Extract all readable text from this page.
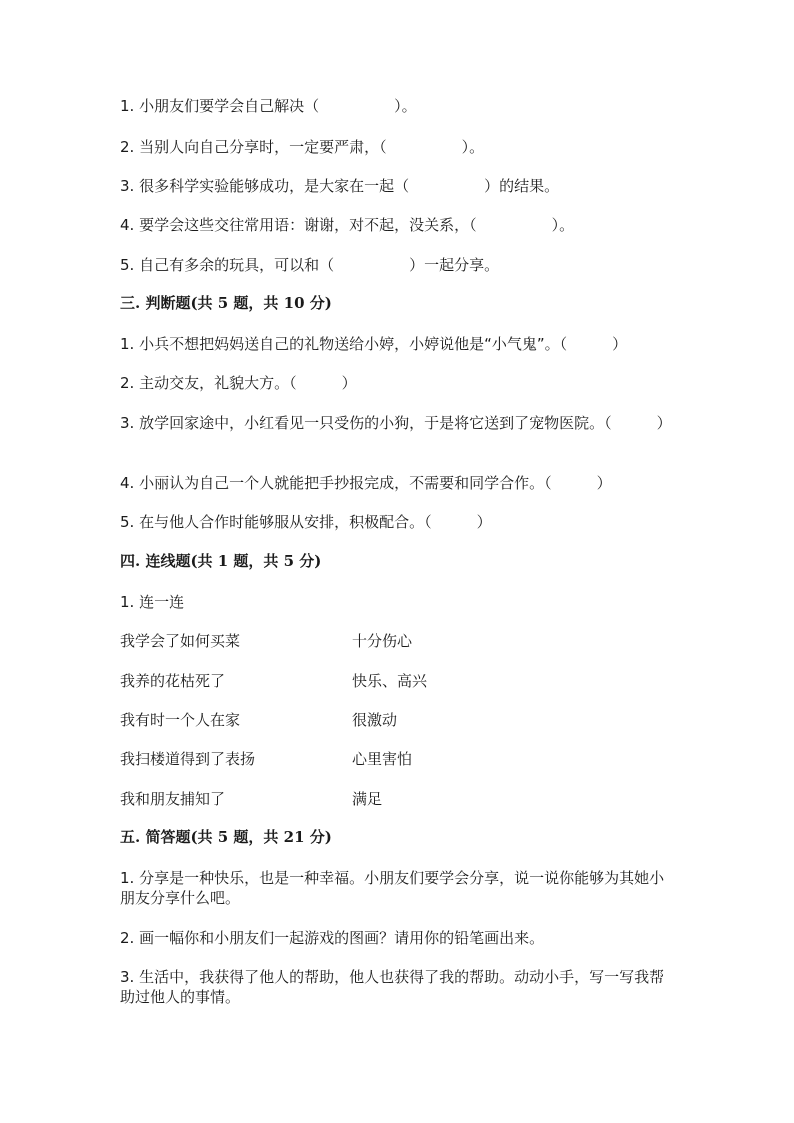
1. 小朋友们要学会自己解决（　　　　　）。

2. 当别人向自己分享时，一定要严肃，（　　　　　）。

3. 很多科学实验能够成功，是大家在一起（　　　　　）的结果。

4. 要学会这些交往常用语：谢谢，对不起，没关系，（　　　　　）。

5. 自己有多余的玩具，可以和（　　　　　）一起分享。

三. 判断题(共 5 题，共 10 分)

1. 小兵不想把妈妈送自己的礼物送给小婷，小婷说他是“小气鬼”。（　　　）

2. 主动交友，礼貌大方。（　　　）

3. 放学回家途中，小红看见一只受伤的小狗，于是将它送到了宠物医院。（　　　）

4. 小丽认为自己一个人就能把手抄报完成，不需要和同学合作。（　　　）

5. 在与他人合作时能够服从安排，积极配合。（　　　）

四. 连线题(共 1 题，共 5 分)

1. 连一连

我学会了如何买菜	十分伤心
我养的花枯死了	快乐、高兴
我有时一个人在家	很激动
我扫楼道得到了表扬	心里害怕
我和朋友捕知了	满足

五. 简答题(共 5 题，共 21 分)

1. 分享是一种快乐，也是一种幸福。小朋友们要学会分享，说一说你能够为其她小朋友分享什么吧。

2. 画一幅你和小朋友们一起游戏的图画？请用你的铅笔画出来。

3. 生活中，我获得了他人的帮助，他人也获得了我的帮助。动动小手，写一写我帮助过他人的事情。
